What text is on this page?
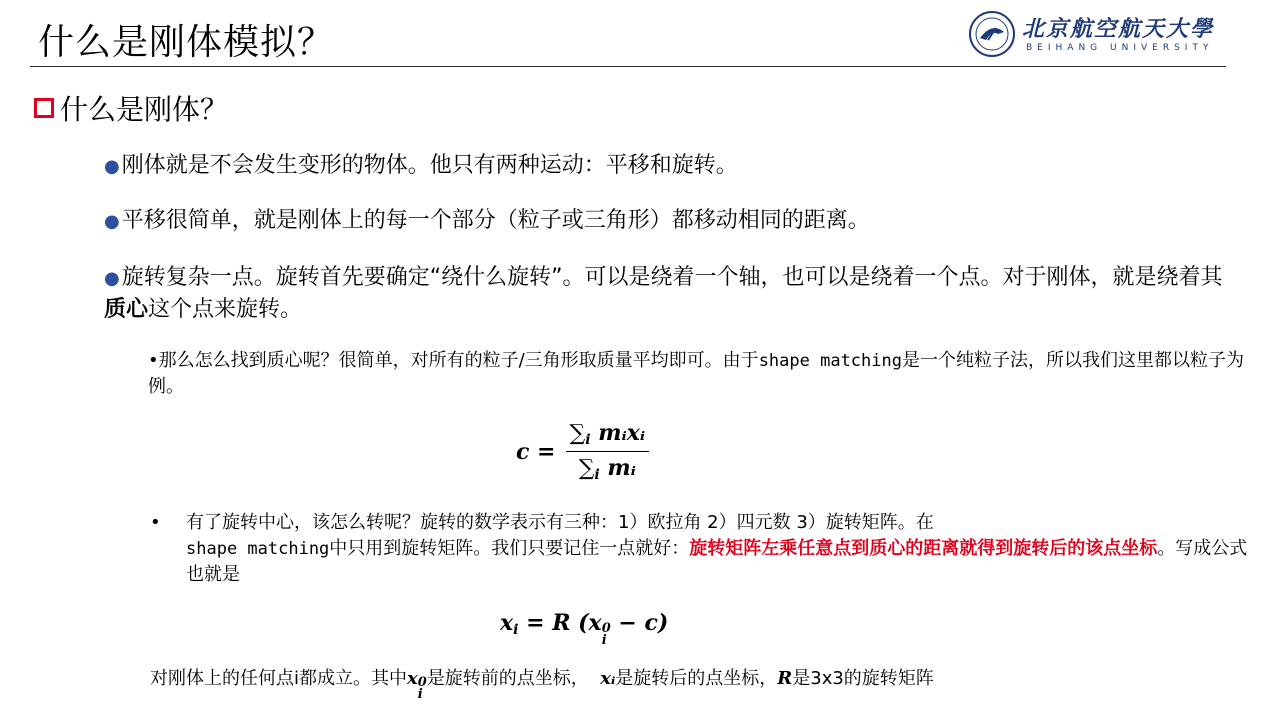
什么是刚体模拟？	北京航空航天大學
BEIHANG UNIVERSITY
什么是刚体？
●刚体就是不会发生变形的物体。他只有两种运动：平移和旋转。
●平移很简单，就是刚体上的每一个部分（粒子或三角形）都移动相同的距离。
●旋转复杂一点。旋转首先要确定“绕什么旋转”。可以是绕着一个轴，也可以是绕着一个点。对于刚体，就是绕着其质心这个点来旋转。
•那么怎么找到质心呢？很简单，对所有的粒子/三角形取质量平均即可。由于shape matching是一个纯粒子法，所以我们这里都以粒子为例。
$c = \frac{\text{∑i mᵢxᵢ}}{\text{∑i mᵢ}}$
• 有了旋转中心，该怎么转呢？旋转的数学表示有三种：1）欧拉角 2）四元数 3）旋转矩阵。在
shape matching中只用到旋转矩阵。我们只要记住一点就好：旋转矩阵左乘任意点到质心的距离就得到旋转后的该点坐标。写成公式也就是
xi = R (x 0
i
− c)
对刚体上的任何点i都成立。其中x 0
i
是旋转前的点坐标，  xᵢ是旋转后的点坐标，R是3x3的旋转矩阵
